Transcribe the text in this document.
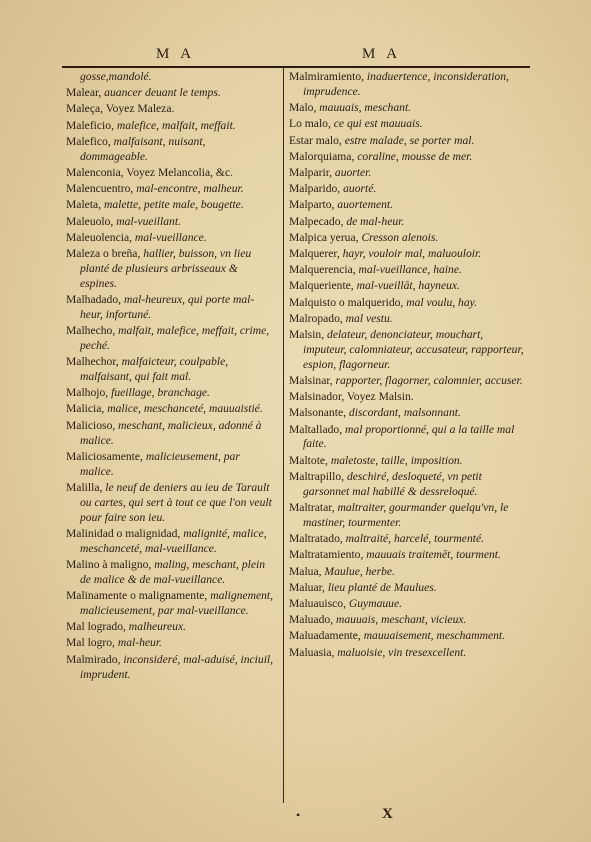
M A	M A

gosse,mandolé.

Malear, auancer deuant le temps.

Maleça, Voyez Maleza.

Maleficio, malefice, malfait, meffait.

Malefico, malfaisant, nuisant, dommageable.

Malenconia, Voyez Melancolia, &c.

Malencuentro, mal-encontre, malheur.

Maleta, malette, petite male, bougette.

Maleuolo, mal-vueillant.

Maleuolencia, mal-vueillance.

Maleza o breña, hallier, buisson, vn lieu planté de plusieurs arbrisseaux & espines.

Malhadado, mal-heureux, qui porte mal-heur, infortuné.

Malhecho, malfait, malefice, meffait, crime, peché.

Malhechor, malfaicteur, coulpable, malfaisant, qui fait mal.

Malhojo, fueillage, branchage.

Malicia, malice, meschanceté, mauuaistié.

Malicioso, meschant, malicieux, adonné à malice.

Maliciosamente, malicieusement, par malice.

Malilla, le neuf de deniers au ieu de Tarault ou cartes, qui sert à tout ce que l'on veult pour faire son ieu.

Malinidad o malignidad, malignité, malice, meschanceté, mal-vueillance.

Malino à maligno, maling, meschant, plein de malice & de mal-vueillance.

Malinamente o malignamente, malignement, malicieusement, par mal-vueillance.

Mal logrado, malheureux.

Mal logro, mal-heur.

Malmirado, inconsideré, mal-aduisé, inciuil, imprudent.

Malmiramiento, inaduertence, inconsideration, imprudence.

Malo, mauuais, meschant.

Lo malo, ce qui est mauuais.

Estar malo, estre malade, se porter mal.

Malorquiama, coraline, mousse de mer.

Malparir, auorter.

Malparido, auorté.

Malparto, auortement.

Malpecado, de mal-heur.

Malpica yerua, Cresson alenois.

Malquerer, hayr, vouloir mal, maluouloir.

Malquerencia, mal-vueillance, haine.

Malqueriente, mal-vueillāt, hayneux.

Malquisto o malquerido, mal voulu, hay.

Malropado, mal vestu.

Malsin, delateur, denonciateur, mouchart, imputeur, calomniateur, accusateur, rapporteur, espion, flagorneur.

Malsinar, rapporter, flagorner, calomnier, accuser.

Malsinador, Voyez Malsin.

Malsonante, discordant, malsonnant.

Maltallado, mal proportionné, qui a la taille mal faite.

Maltote, maletoste, taille, imposition.

Maltrapillo, deschiré, desloqueté, vn petit garsonnet mal habillé & dessreloqué.

Maltratar, maltraiter, gourmander quelqu'vn, le mastiner, tourmenter.

Maltratado, maltraité, harcelé, tourmenté.

Maltratamiento, mauuais traitemēt, tourment.

Malua, Maulue, herbe.

Maluar, lieu planté de Maulues.

Maluauisco, Guymauue.

Maluado, mauuais, meschant, vicieux.

Maluadamente, mauuaisement, meschamment.

Maluasia, maluoisie, vin tresexcellent.

•	X
